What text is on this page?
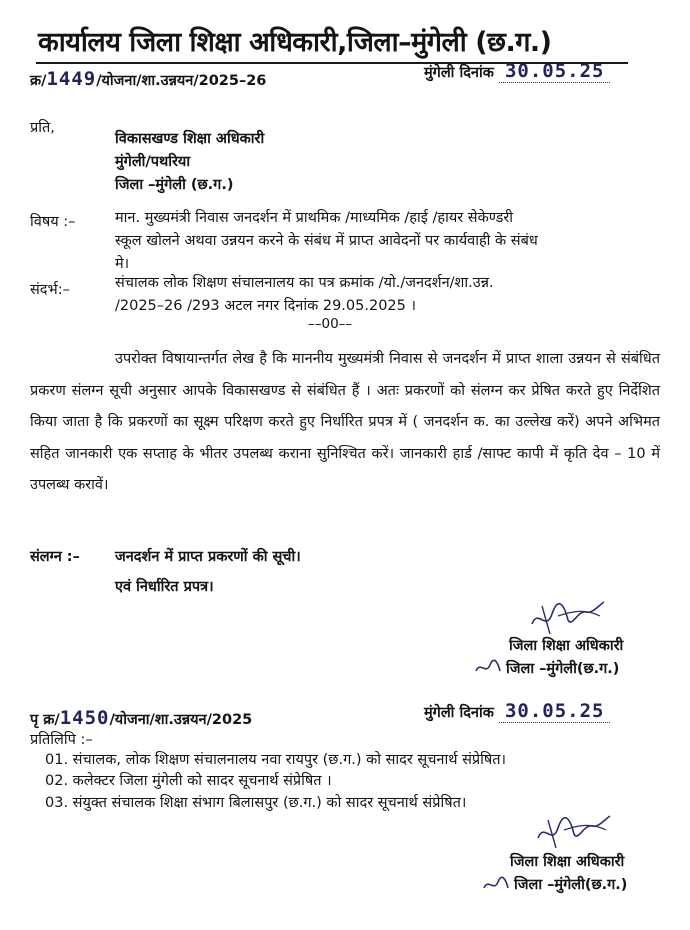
कार्यालय जिला शिक्षा अधिकारी,जिला–मुंगेली (छ.ग.)
क्र/1449/योजना/शा.उन्नयन/2025–26	मुंगेली दिनांक 30.05.25
प्रति,
विकासखण्ड शिक्षा अधिकारी
मुंगेली/पथरिया
जिला –मुंगेली (छ.ग.)
विषय :–	मान. मुख्यमंत्री निवास जनदर्शन में प्राथमिक /माध्यमिक /हाई /हायर सेकेण्डरी
स्कूल खोलने अथवा उन्नयन करने के संबंध में प्राप्त आवेदनों पर कार्यवाही के संबंध
मे।
संदर्भ:–	संचालक लोक शिक्षण संचालनालय का पत्र क्रमांक /यो./जनदर्शन/शा.उन्न.
/2025–26 /293 अटल नगर दिनांक 29.05.2025 ।
––00––
उपरोक्त विषायान्तर्गत लेख है कि माननीय मुख्यमंत्री निवास से जनदर्शन में प्राप्त शाला उन्नयन से संबंधित प्रकरण संलग्न सूची अनुसार आपके विकासखण्ड से संबंधित हैं । अतः प्रकरणों को संलग्न कर प्रेषित करते हुए निर्देशित किया जाता है कि प्रकरणों का सूक्ष्म परिक्षण करते हुए निर्धारित प्रपत्र में ( जनदर्शन क. का उल्लेख करें) अपने अभिमत सहित जानकारी एक सप्ताह के भीतर उपलब्ध कराना सुनिश्चित करें। जानकारी हार्ड /साफ्ट कापी में कृति देव – 10 में उपलब्ध करावें।
संलग्न :– जनदर्शन में प्राप्त प्रकरणों की सूची।
एवं निर्धारित प्रपत्र।
जिला शिक्षा अधिकारी
जिला –मुंगेली(छ.ग.)
पृ क्र/1450/योजना/शा.उन्नयन/2025	मुंगेली दिनांक 30.05.25
प्रतिलिपि :–
01. संचालक, लोक शिक्षण संचालनालय नवा रायपुर (छ.ग.) को सादर सूचनार्थ संप्रेषित।
02. कलेक्टर जिला मुंगेली को सादर सूचनार्थ संप्रेषित ।
03. संयुक्त संचालक शिक्षा संभाग बिलासपुर (छ.ग.) को सादर सूचनार्थ संप्रेषित।
जिला शिक्षा अधिकारी
जिला –मुंगेली(छ.ग.)
